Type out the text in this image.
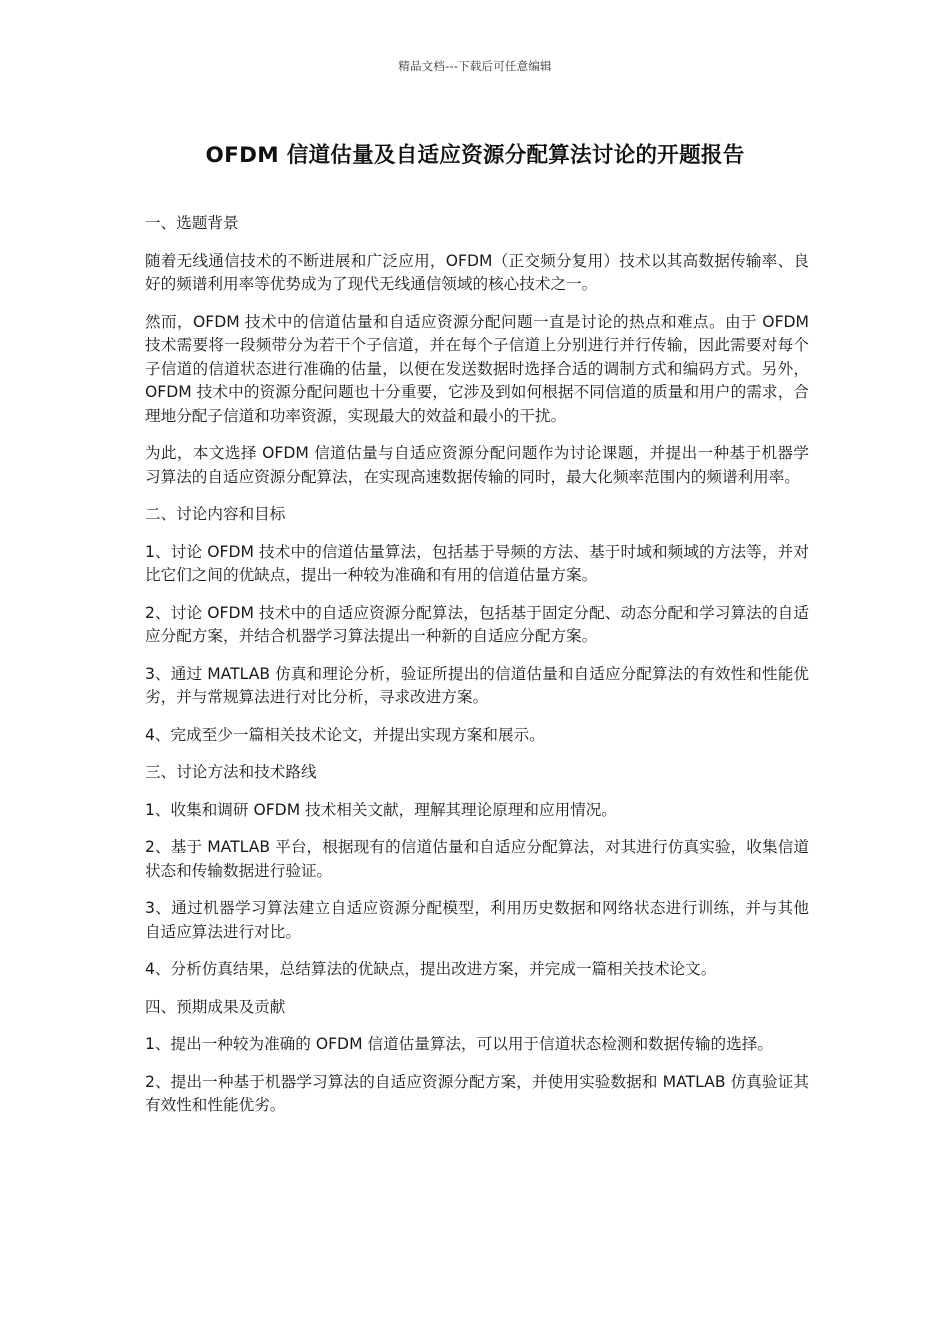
精品文档---下载后可任意编辑
OFDM 信道估量及自适应资源分配算法讨论的开题报告
一、选题背景

随着无线通信技术的不断进展和广泛应用，OFDM（正交频分复用）技术以其高数据传输率、良好的频谱利用率等优势成为了现代无线通信领域的核心技术之一。

然而，OFDM 技术中的信道估量和自适应资源分配问题一直是讨论的热点和难点。由于 OFDM 技术需要将一段频带分为若干个子信道，并在每个子信道上分别进行并行传输，因此需要对每个子信道的信道状态进行准确的估量，以便在发送数据时选择合适的调制方式和编码方式。另外，OFDM 技术中的资源分配问题也十分重要，它涉及到如何根据不同信道的质量和用户的需求，合理地分配子信道和功率资源，实现最大的效益和最小的干扰。

为此，本文选择 OFDM 信道估量与自适应资源分配问题作为讨论课题，并提出一种基于机器学习算法的自适应资源分配算法，在实现高速数据传输的同时，最大化频率范围内的频谱利用率。

二、讨论内容和目标

1、讨论 OFDM 技术中的信道估量算法，包括基于导频的方法、基于时域和频域的方法等，并对比它们之间的优缺点，提出一种较为准确和有用的信道估量方案。

2、讨论 OFDM 技术中的自适应资源分配算法，包括基于固定分配、动态分配和学习算法的自适应分配方案，并结合机器学习算法提出一种新的自适应分配方案。

3、通过 MATLAB 仿真和理论分析，验证所提出的信道估量和自适应分配算法的有效性和性能优劣，并与常规算法进行对比分析，寻求改进方案。

4、完成至少一篇相关技术论文，并提出实现方案和展示。

三、讨论方法和技术路线

1、收集和调研 OFDM 技术相关文献，理解其理论原理和应用情况。

2、基于 MATLAB 平台，根据现有的信道估量和自适应分配算法，对其进行仿真实验，收集信道状态和传输数据进行验证。

3、通过机器学习算法建立自适应资源分配模型，利用历史数据和网络状态进行训练，并与其他自适应算法进行对比。

4、分析仿真结果，总结算法的优缺点，提出改进方案，并完成一篇相关技术论文。

四、预期成果及贡献

1、提出一种较为准确的 OFDM 信道估量算法，可以用于信道状态检测和数据传输的选择。

2、提出一种基于机器学习算法的自适应资源分配方案，并使用实验数据和 MATLAB 仿真验证其有效性和性能优劣。
